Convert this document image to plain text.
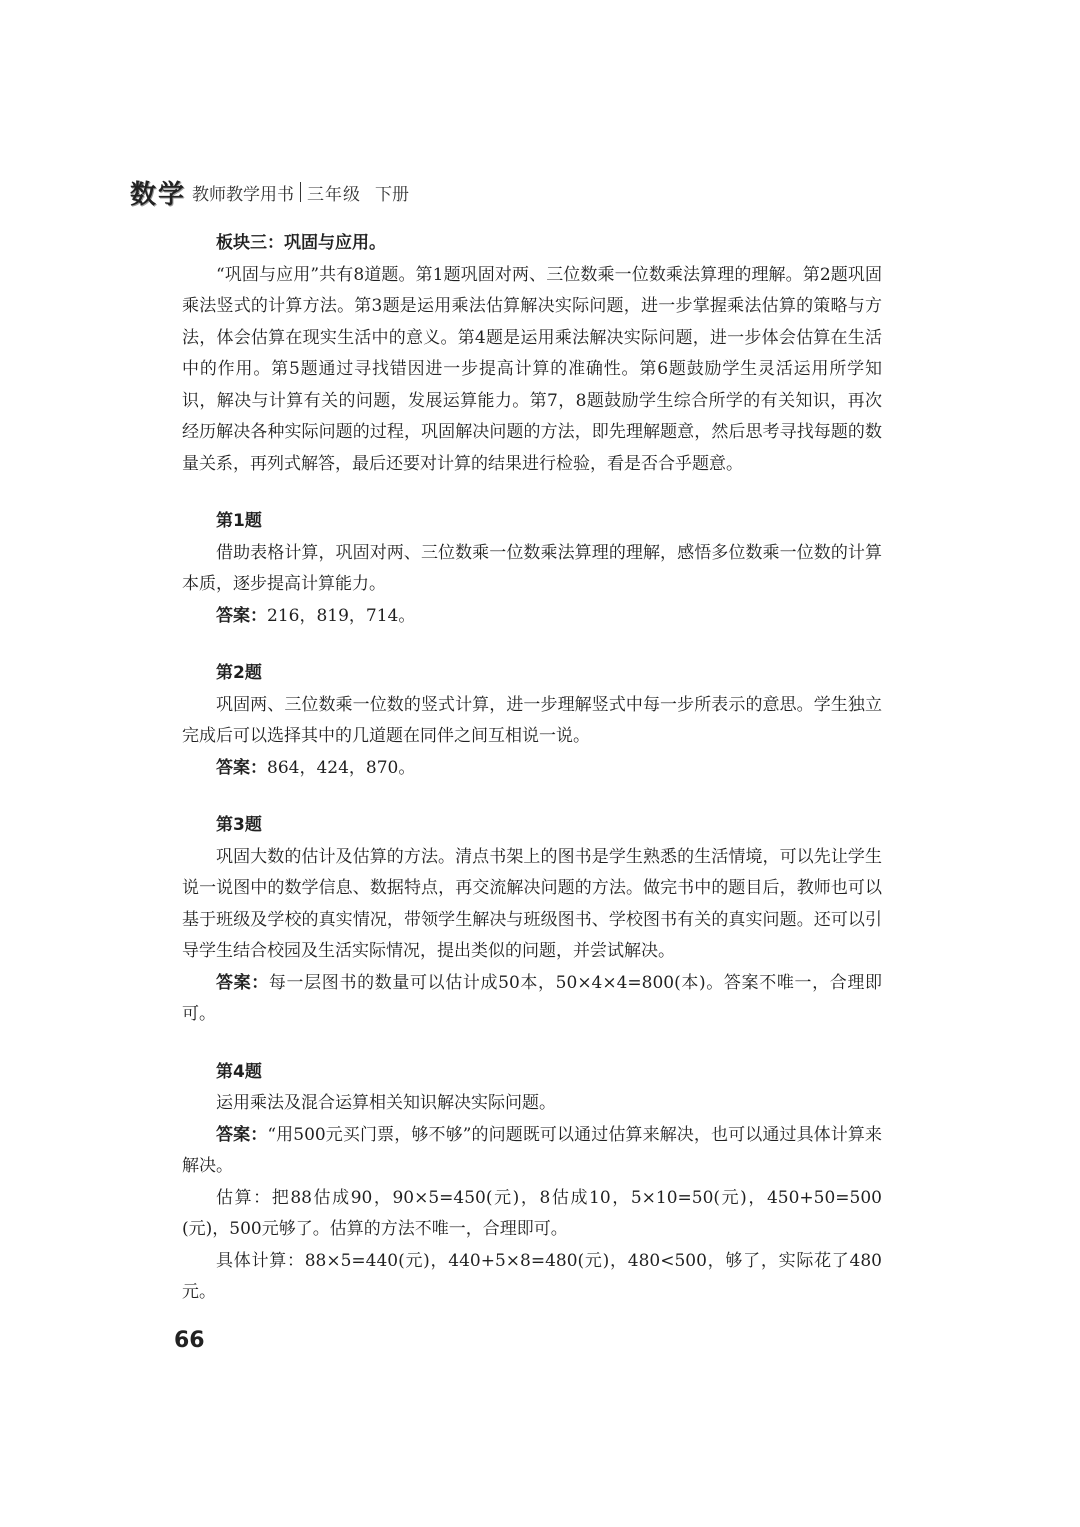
数学 教师教学用书 三年级 下册

板块三：巩固与应用。

“巩固与应用”共有8道题。第1题巩固对两、三位数乘一位数乘法算理的理解。第2题巩固乘法竖式的计算方法。第3题是运用乘法估算解决实际问题，进一步掌握乘法估算的策略与方法，体会估算在现实生活中的意义。第4题是运用乘法解决实际问题，进一步体会估算在生活中的作用。第5题通过寻找错因进一步提高计算的准确性。第6题鼓励学生灵活运用所学知识，解决与计算有关的问题，发展运算能力。第7，8题鼓励学生综合所学的有关知识，再次经历解决各种实际问题的过程，巩固解决问题的方法，即先理解题意，然后思考寻找每题的数量关系，再列式解答，最后还要对计算的结果进行检验，看是否合乎题意。

第1题

借助表格计算，巩固对两、三位数乘一位数乘法算理的理解，感悟多位数乘一位数的计算本质，逐步提高计算能力。

答案：216，819，714。

第2题

巩固两、三位数乘一位数的竖式计算，进一步理解竖式中每一步所表示的意思。学生独立完成后可以选择其中的几道题在同伴之间互相说一说。

答案：864，424，870。

第3题

巩固大数的估计及估算的方法。清点书架上的图书是学生熟悉的生活情境，可以先让学生说一说图中的数学信息、数据特点，再交流解决问题的方法。做完书中的题目后，教师也可以基于班级及学校的真实情况，带领学生解决与班级图书、学校图书有关的真实问题。还可以引导学生结合校园及生活实际情况，提出类似的问题，并尝试解决。

答案：每一层图书的数量可以估计成50本，50×4×4=800(本)。答案不唯一，合理即可。

第4题

运用乘法及混合运算相关知识解决实际问题。

答案：“用500元买门票，够不够”的问题既可以通过估算来解决，也可以通过具体计算来解决。

估算：把88估成90，90×5=450(元)，8估成10，5×10=50(元)，450+50=500(元)，500元够了。估算的方法不唯一，合理即可。

具体计算：88×5=440(元)，440+5×8=480(元)，480<500，够了，实际花了480元。

66
